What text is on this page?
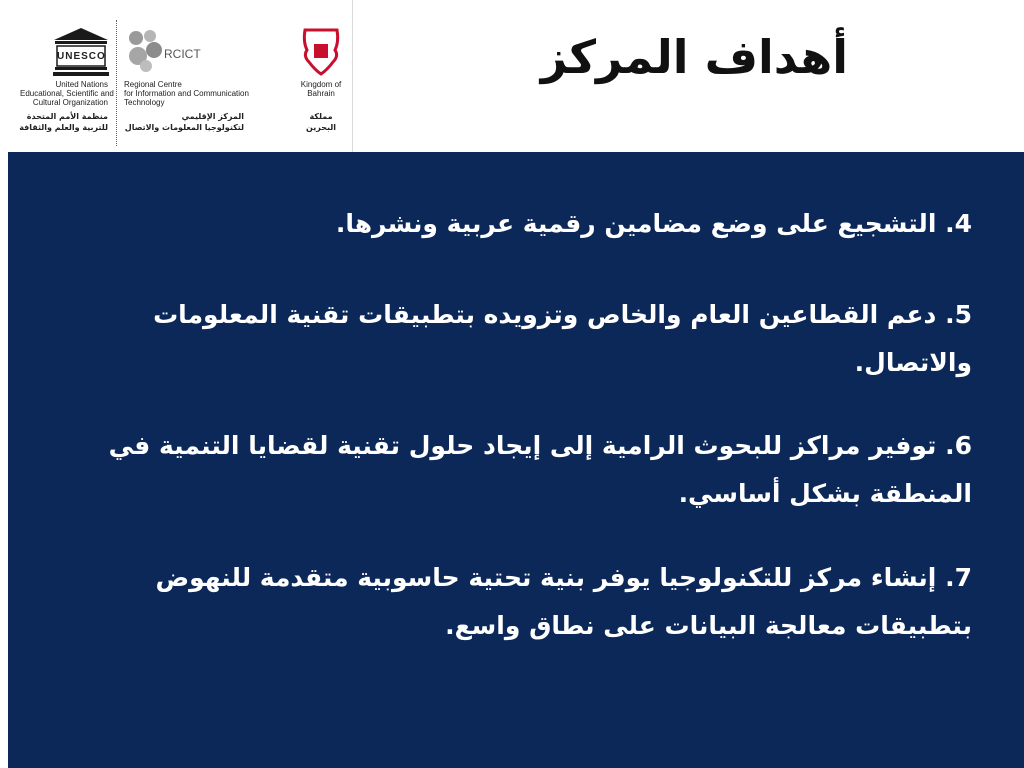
UNESCO
United Nations
Educational, Scientific and
Cultural Organization
منظمة الأمم المتحدة
للتربية والعلم والثقافة
RCICT
Regional Centre
for Information and Communication
Technology
المركز الإقليمي
لتكنولوجيا المعلومات والاتصال
Kingdom of
Bahrain
مملكة
البحرين
أهداف المركز
4. التشجيع على وضع مضامين رقمية عربية ونشرها.
5. دعم القطاعين العام والخاص وتزويده بتطبيقات تقنية المعلومات والاتصال.
6. توفير مراكز للبحوث الرامية إلى إيجاد حلول تقنية لقضايا التنمية في المنطقة بشكل أساسي.
7. إنشاء مركز للتكنولوجيا يوفر بنية تحتية حاسوبية متقدمة للنهوض بتطبيقات معالجة البيانات على نطاق واسع.
